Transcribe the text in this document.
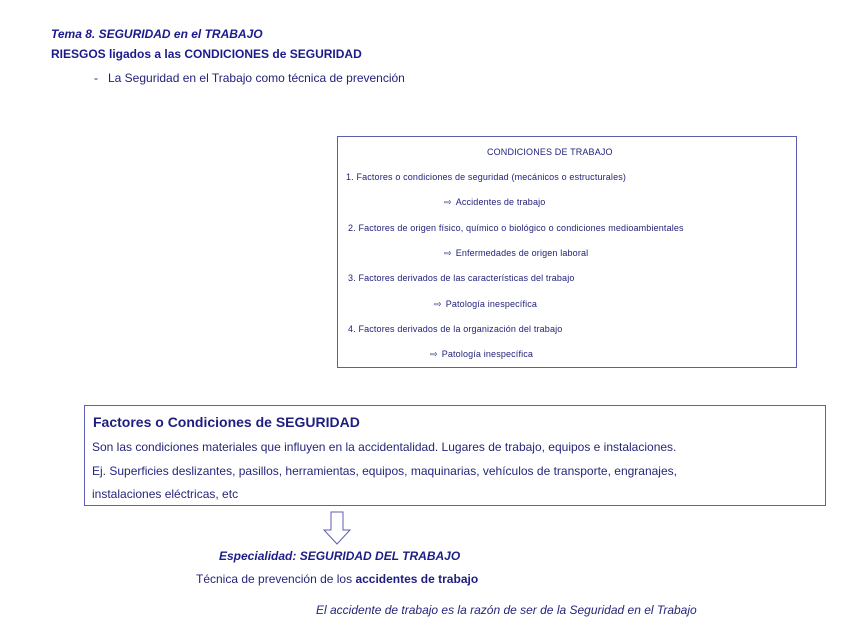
Tema 8. SEGURIDAD en el TRABAJO
RIESGOS ligados a las CONDICIONES de SEGURIDAD
- La Seguridad en el Trabajo como técnica de prevención
CONDICIONES DE TRABAJO
1. Factores o condiciones de seguridad (mecánicos o estructurales)
⇨ Accidentes de trabajo
2. Factores de origen físico, químico o biológico o condiciones medioambientales
⇨ Enfermedades de origen laboral
3. Factores derivados de las características del trabajo
⇨ Patología inespecífica
4. Factores derivados de la organización del trabajo
⇨ Patología inespecífica
Factores o Condiciones de SEGURIDAD
Son las condiciones materiales que influyen en la accidentalidad. Lugares de trabajo, equipos e instalaciones.
Ej. Superficies deslizantes, pasillos, herramientas, equipos, maquinarias, vehículos de transporte, engranajes,
instalaciones eléctricas, etc
Especialidad: SEGURIDAD DEL TRABAJO
Técnica de prevención de los accidentes de trabajo
El accidente de trabajo es la razón de ser de la Seguridad en el Trabajo
